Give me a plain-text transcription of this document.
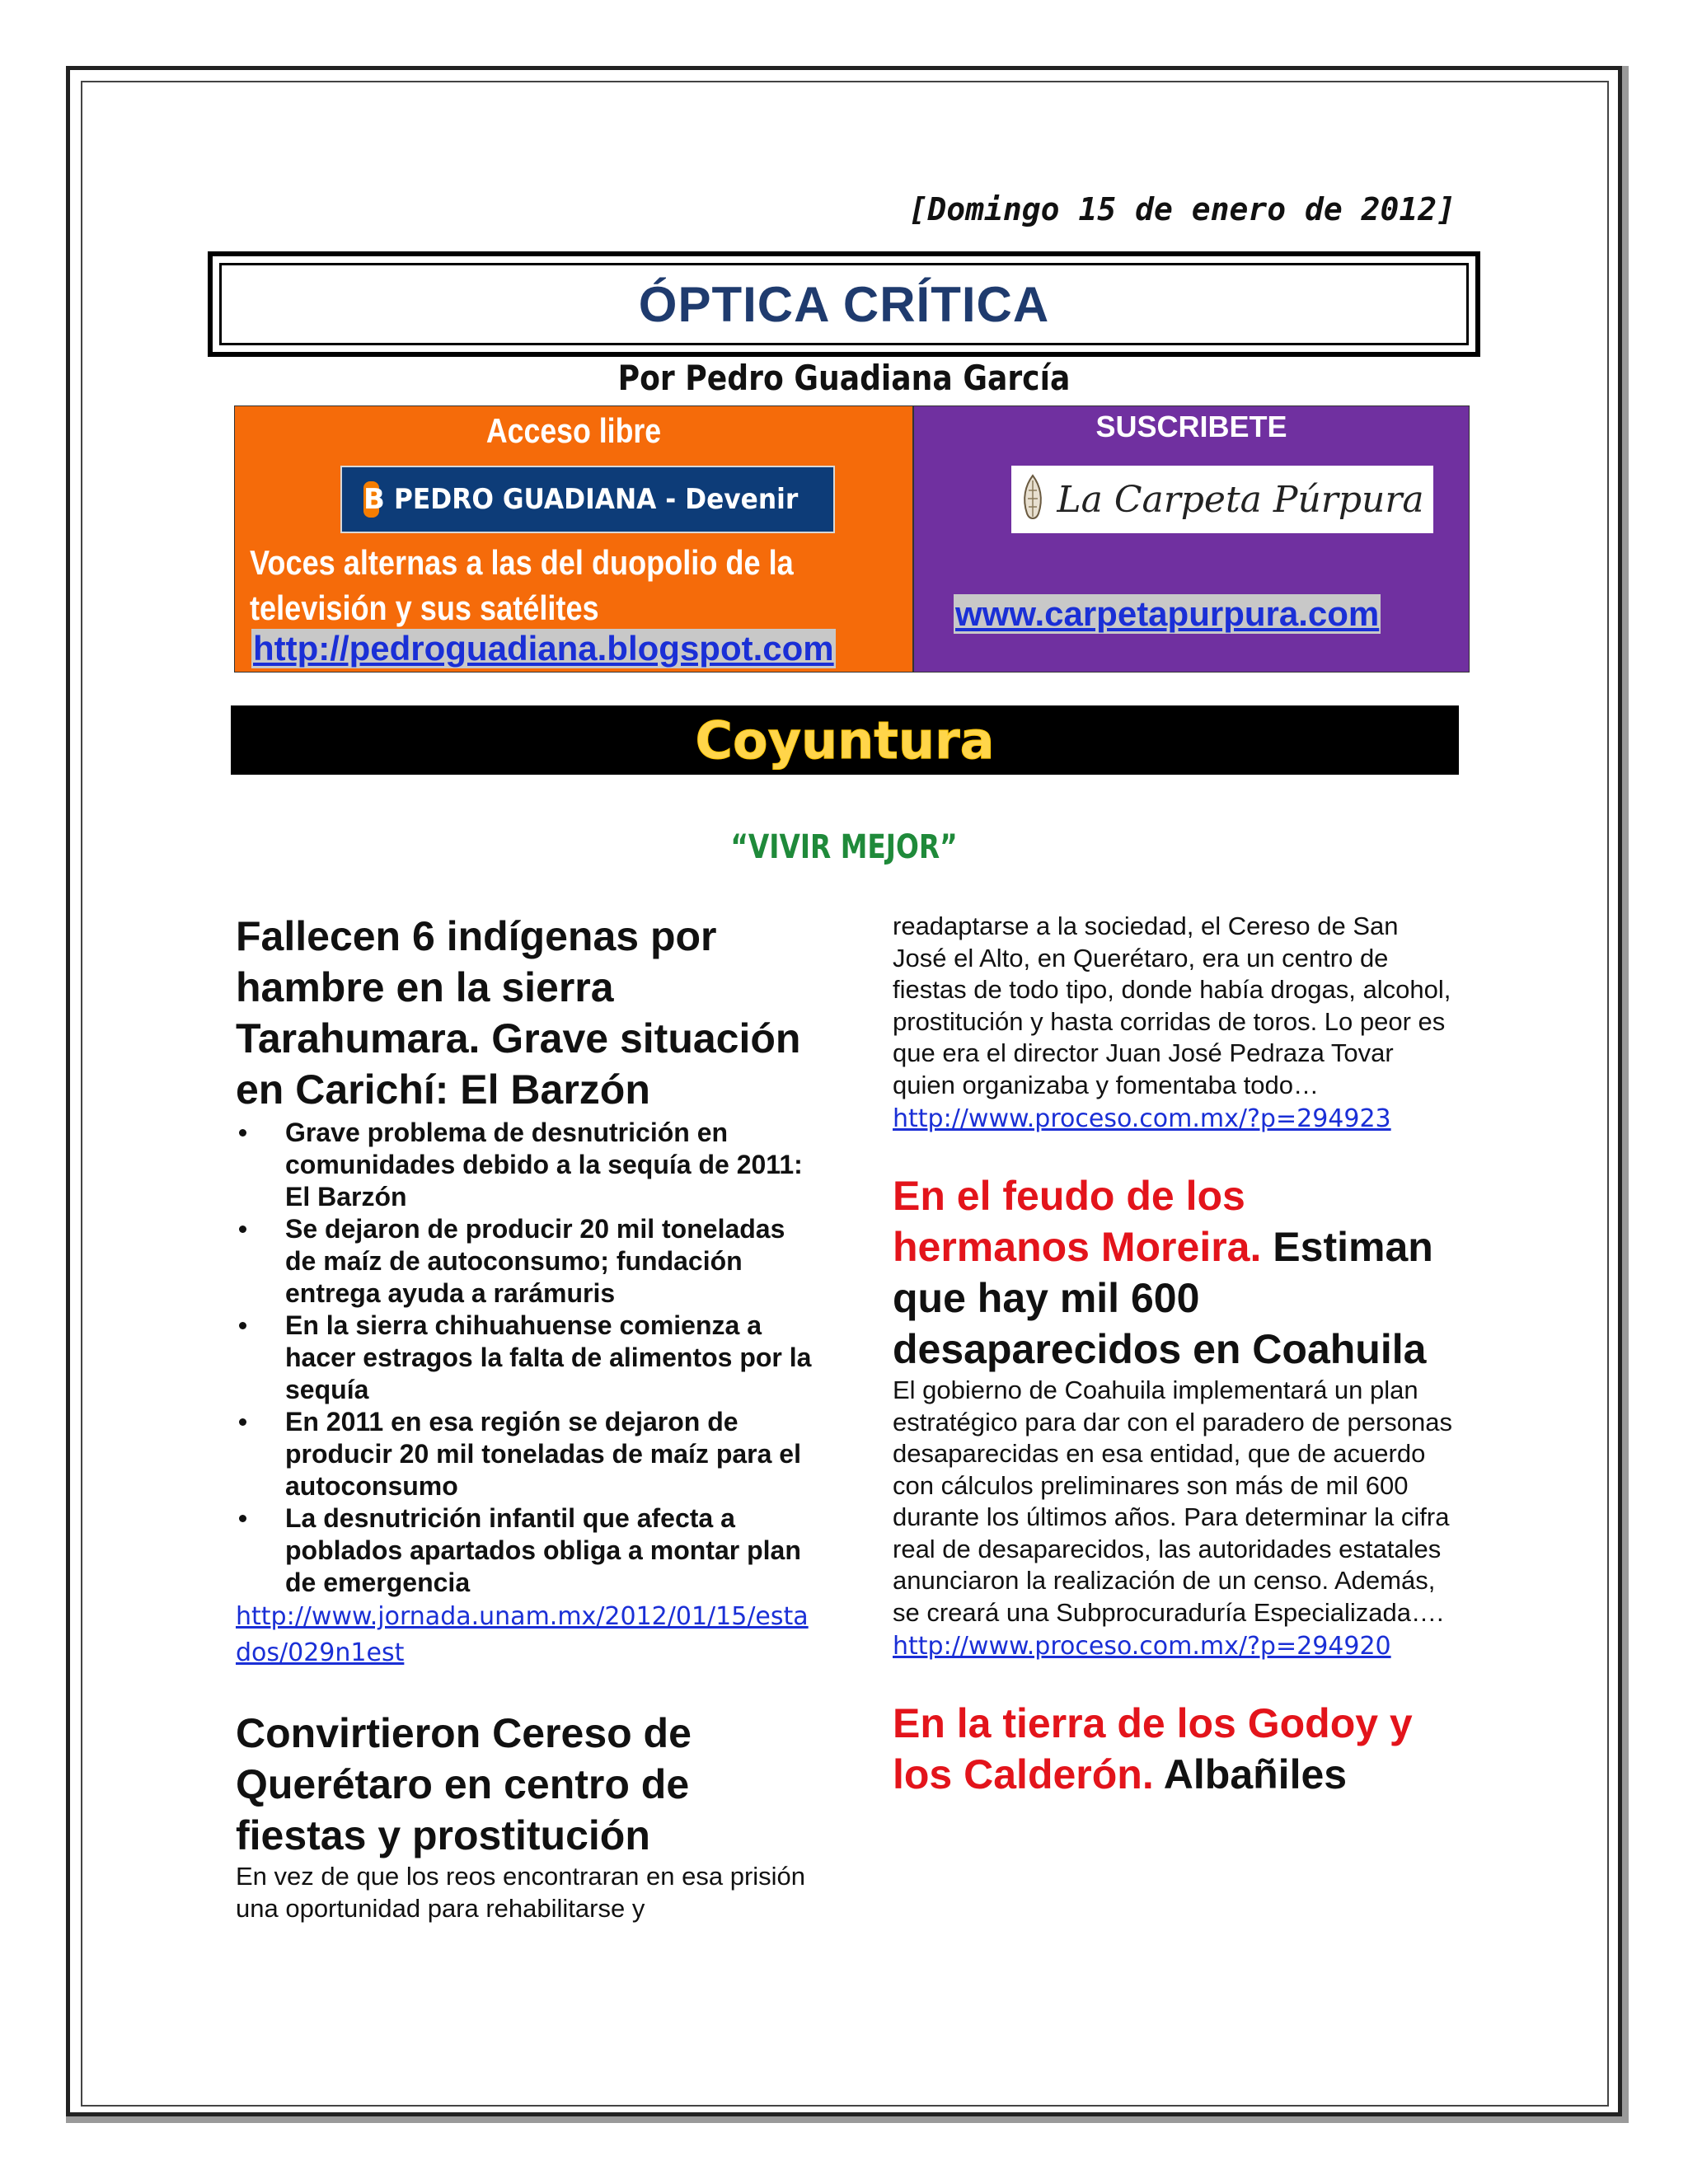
[Domingo 15 de enero de 2012]
ÓPTICA CRÍTICA
Por Pedro Guadiana García
Acceso libre
B
PEDRO GUADIANA - Devenir
Voces alternas a las del duopolio de la televisión y sus satélites
http://pedroguadiana.blogspot.com
SUSCRIBETE
La Carpeta Púrpura
www.carpetapurpura.com
Coyuntura
“VIVIR MEJOR”
Fallecen 6 indígenas por hambre en la sierra Tarahumara. Grave situación en Carichí: El Barzón
Grave problema de desnutrición en comunidades debido a la sequía de 2011: El Barzón
Se dejaron de producir 20 mil toneladas de maíz de autoconsumo; fundación entrega ayuda a rarámuris
En la sierra chihuahuense comienza a hacer estragos la falta de alimentos por la sequía
En 2011 en esa región se dejaron de producir 20 mil toneladas de maíz para el autoconsumo
La desnutrición infantil que afecta a poblados apartados obliga a montar plan de emergencia
http://www.jornada.unam.mx/2012/01/15/estados/029n1est
Convirtieron Cereso de Querétaro en centro de fiestas y prostitución

En vez de que los reos encontraran en esa prisión una oportunidad para rehabilitarse y

readaptarse a la sociedad, el Cereso de San José el Alto, en Querétaro, era un centro de fiestas de todo tipo, donde había drogas, alcohol, prostitución y hasta corridas de toros. Lo peor es que era el director Juan José Pedraza Tovar quien organizaba y fomentaba todo…

http://www.proceso.com.mx/?p=294923
En el feudo de los hermanos Moreira. Estiman que hay mil 600 desaparecidos en Coahuila

El gobierno de Coahuila implementará un plan estratégico para dar con el paradero de personas desaparecidas en esa entidad, que de acuerdo con cálculos preliminares son más de mil 600 durante los últimos años. Para determinar la cifra real de desaparecidos, las autoridades estatales anunciaron la realización de un censo. Además, se creará una Subprocuraduría Especializada….

http://www.proceso.com.mx/?p=294920
En la tierra de los Godoy y los Calderón. Albañiles
